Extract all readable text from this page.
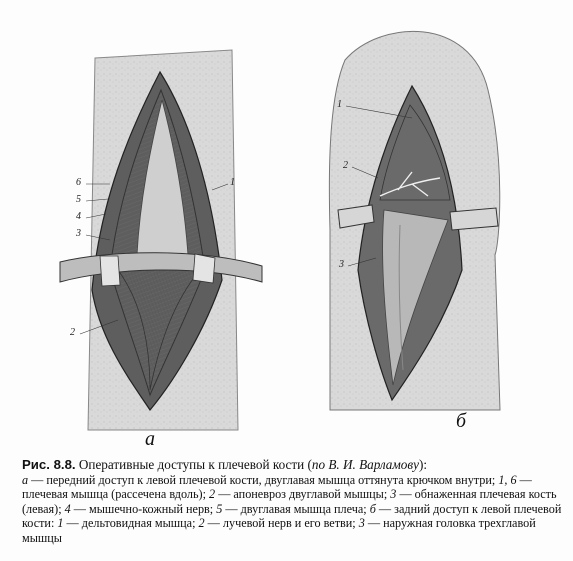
6
5
4
3
2
1
1
2
3
а
б
Рис. 8.8. Оперативные доступы к плечевой кости (по В. И. Варламову):
а — передний доступ к левой плечевой кости, двуглавая мышца оттянута крючком внутри; 1, 6 — плечевая мышца (рассечена вдоль); 2 — апоневроз двуглавой мышцы; 3 — обнаженная плечевая кость (левая); 4 — мышечно-кожный нерв; 5 — двуглавая мышца плеча; б — задний доступ к левой плечевой кости: 1 — дельтовидная мышца; 2 — лучевой нерв и его ветви; 3 — наружная головка трехглавой мышцы
